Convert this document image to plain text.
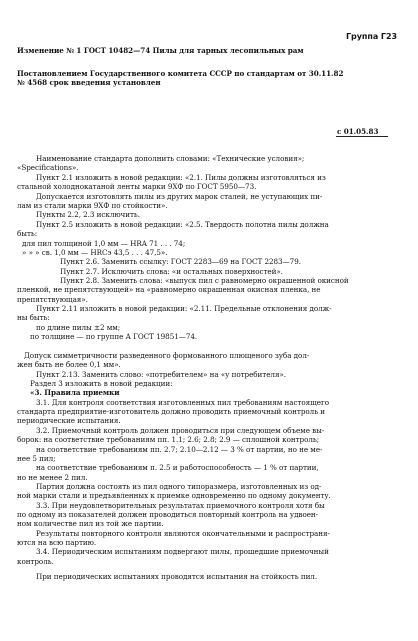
Группа Г23
Изменение № 1 ГОСТ 10482—74 Пилы для тарных лесопильных рам
Постановлением Государственного комитета СССР по стандартам от 30.11.82
№ 4568 срок введения установлен
с 01.05.83
Наименование стандарта дополнить словами: «Технические условия»;
«Specifications».
Пункт 2.1 изложить в новой редакции: «2.1. Пилы должны изготовляться из
стальной холоднокатаной ленты марки 9ХФ по ГОСТ 5950—73.
Допускается изготовлять пилы из других марок сталей, не уступающих пи-
лам из стали марки 9ХФ по стойкости».
Пункты 2.2, 2.3 исключить.
Пункт 2.5 изложить в новой редакции: «2.5. Твердость полотна пилы должна
быть:
для пил толщиной 1,0 мм — HRA 71 . . . 74;
» » » св. 1,0 мм — HRCэ 43,5 . . . 47,5».
Пункт 2.6. Заменить ссылку: ГОСТ 2283—69 на ГОСТ 2283—79.
Пункт 2.7. Исключить слова: «и остальных поверхностей».
Пункт 2.8. Заменить слова: «выпуск пил с равномерно окрашенной окисной
пленкой, не препятствующей» на «равномерно окрашенная окисная пленка, не
препятствующая».
Пункт 2.11 изложить в новой редакции: «2.11. Предельные отклонения долж-
ны быть:
по длине пилы ±2 мм;
по толщине — по группе А ГОСТ 19851—74.
Допуск симметричности разведенного формованного плющеного зуба дол-
жен быть не более 0,1 мм».
Пункт 2.13. Заменить слово: «потребителем» на «у потребителя».
Раздел 3 изложить в новой редакции:
«3. Правила приемки
3.1. Для контроля соответствия изготовленных пил требованиям настоящего
стандарта предприятие-изготовитель должно проводить приемочный контроль и
периодические испытания.
3.2. Приемочный контроль должен проводиться при следующем объеме вы-
борок: на соответствие требованиям пп. 1.1; 2.6; 2.8; 2.9 — сплошной контроль;
на соответствие требованиям пп. 2.7; 2.10—2.12 — 3 % от партии, но не ме-
нее 5 пил;
на соответствие требованиям п. 2.5 и работоспособность — 1 % от партии,
но не менее 2 пил.
Партия должна состоять из пил одного типоразмера, изготовленных из од-
ной марки стали и предъявленных к приемке одновременно по одному документу.
3.3. При неудовлетворительных результатах приемочного контроля хотя бы
по одному из показателей должен проводиться повторный контроль на удвоен-
ном количестве пил из той же партии.
Результаты повторного контроля являются окончательными и распространя-
ются на всю партию.
3.4. Периодическим испытаниям подвергают пилы, прошедшие приемочный
контроль.
При периодических испытаниях проводятся испытания на стойкость пил.
